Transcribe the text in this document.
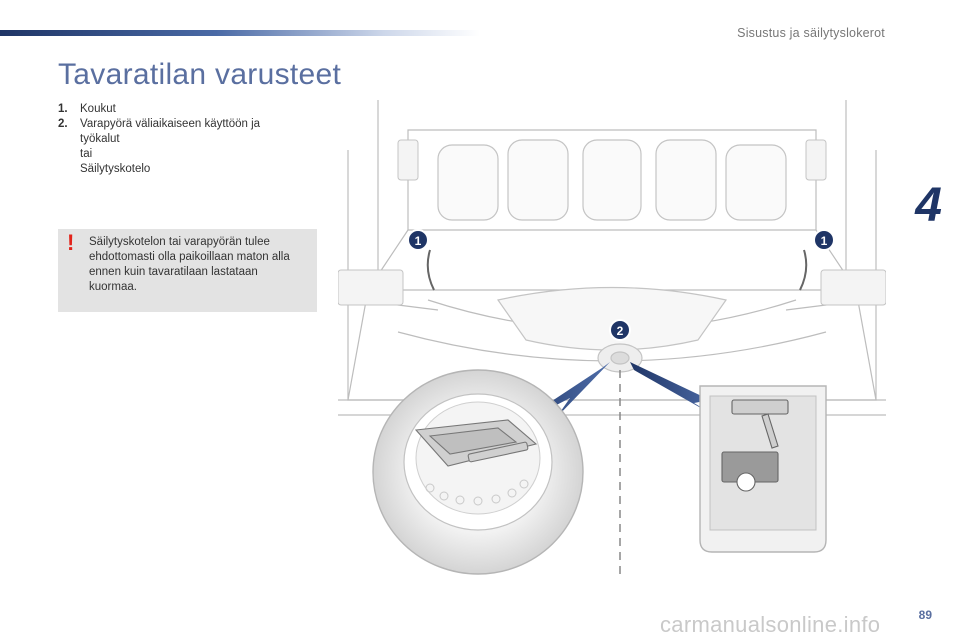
Sisustus ja säilytyslokerot
4
Tavaratilan varusteet
1.	Koukut
2.	Varapyörä väliaikaiseen käyttöön ja työkalut
tai
Säilytyskotelo
! Säilytyskotelon tai varapyörän tulee ehdottomasti olla paikoillaan maton alla ennen kuin tavaratilaan lastataan kuormaa.
1	1
2
89
carmanualsonline.info
